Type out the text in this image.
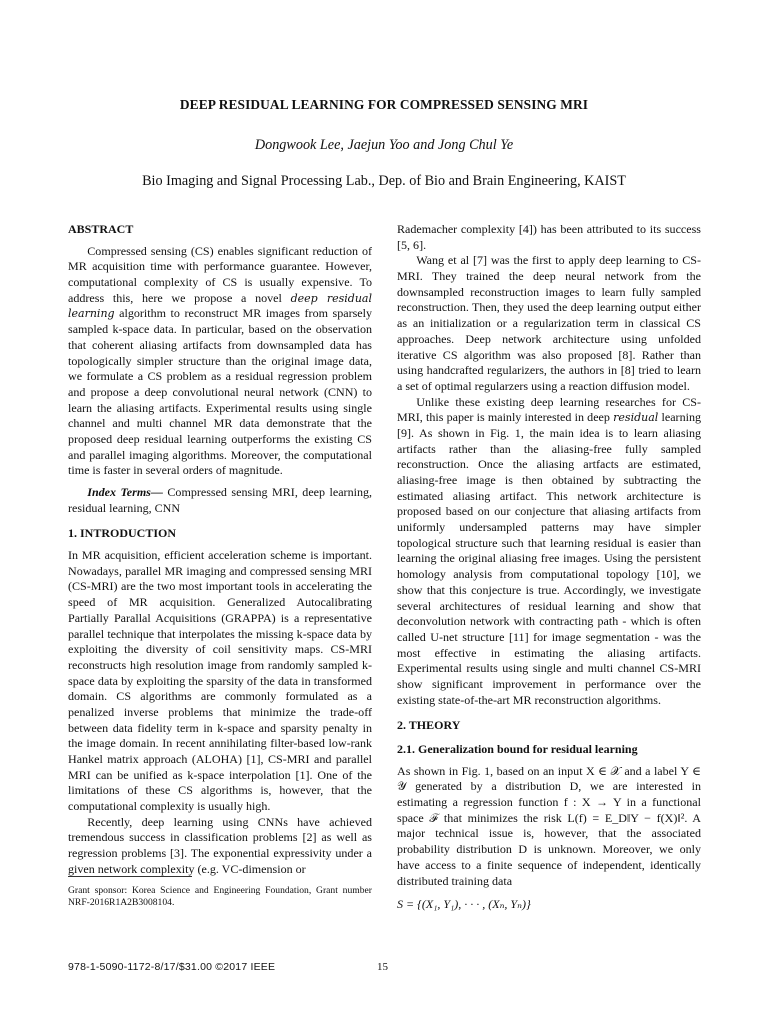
DEEP RESIDUAL LEARNING FOR COMPRESSED SENSING MRI
Dongwook Lee, Jaejun Yoo and Jong Chul Ye
Bio Imaging and Signal Processing Lab., Dep. of Bio and Brain Engineering, KAIST

ABSTRACT

Compressed sensing (CS) enables significant reduction of MR acquisition time with performance guarantee. However, computational complexity of CS is usually expensive. To address this, here we propose a novel deep residual learning algorithm to reconstruct MR images from sparsely sampled k-space data. In particular, based on the observation that coherent aliasing artifacts from downsampled data has topologically simpler structure than the original image data, we formulate a CS problem as a residual regression problem and propose a deep convolutional neural network (CNN) to learn the aliasing artifacts. Experimental results using single channel and multi channel MR data demonstrate that the proposed deep residual learning outperforms the existing CS and parallel imaging algorithms. Moreover, the computational time is faster in several orders of magnitude.

Index Terms— Compressed sensing MRI, deep learning, residual learning, CNN

1. INTRODUCTION

In MR acquisition, efficient acceleration scheme is important. Nowadays, parallel MR imaging and compressed sensing MRI (CS-MRI) are the two most important tools in accelerating the speed of MR acquisition. Generalized Autocalibrating Partially Parallal Acquisitions (GRAPPA) is a representative parallel technique that interpolates the missing k-space data by exploiting the diversity of coil sensitivity maps. CS-MRI reconstructs high resolution image from randomly sampled k-space data by exploiting the sparsity of the data in transformed domain. CS algorithms are commonly formulated as a penalized inverse problems that minimize the trade-off between data fidelity term in k-space and sparsity penalty in the image domain. In recent annihilating filter-based low-rank Hankel matrix approach (ALOHA) [1], CS-MRI and parallel MRI can be unified as k-space interpolation [1]. One of the limitations of these CS algorithms is, however, that the computational complexity is usually high.

Recently, deep learning using CNNs have achieved tremendous success in classification problems [2] as well as regression problems [3]. The exponential expressivity under a given network complexity (e.g. VC-dimension or

Rademacher complexity [4]) has been attributed to its success [5, 6].

Wang et al [7] was the first to apply deep learning to CS-MRI. They trained the deep neural network from the downsampled reconstruction images to learn fully sampled reconstruction. Then, they used the deep learning output either as an initialization or a regularization term in classical CS approaches. Deep network architecture using unfolded iterative CS algorithm was also proposed [8]. Rather than using handcrafted regularizers, the authors in [8] tried to learn a set of optimal regularzers using a reaction diffusion model.

Unlike these existing deep learning researches for CS-MRI, this paper is mainly interested in deep residual learning [9]. As shown in Fig. 1, the main idea is to learn aliasing artifacts rather than the aliasing-free fully sampled reconstruction. Once the aliasing artfacts are estimated, aliasing-free image is then obtained by subtracting the estimated aliasing artifact. This network architecture is proposed based on our conjecture that aliasing artifacts from uniformly undersampled patterns may have simpler topological structure such that learning residual is easier than learning the original aliasing free images. Using the persistent homology analysis from computational topology [10], we show that this conjecture is true. Accordingly, we investigate several architectures of residual learning and show that deconvolution network with contracting path - which is often called U-net structure [11] for image segmentation - was the most effective in estimating the aliasing artifacts. Experimental results using single and multi channel CS-MRI show significant improvement in performance over the existing state-of-the-art MR reconstruction algorithms.

2. THEORY

2.1. Generalization bound for residual learning

As shown in Fig. 1, based on an input X ∈ 𝒳 and a label Y ∈ 𝒴 generated by a distribution D, we are interested in estimating a regression function f : X → Y in a functional space ℱ that minimizes the risk L(f) = E_D‖Y − f(X)‖². A major technical issue is, however, that the associated probability distribution D is unknown. Moreover, we only have access to a finite sequence of independent, identically distributed training data

S = {(X₁, Y₁), · · · , (Xₙ, Yₙ)}

Grant sponsor: Korea Science and Engineering Foundation, Grant number NRF-2016R1A2B3008104.
978-1-5090-1172-8/17/$31.00 ©2017 IEEE	15
